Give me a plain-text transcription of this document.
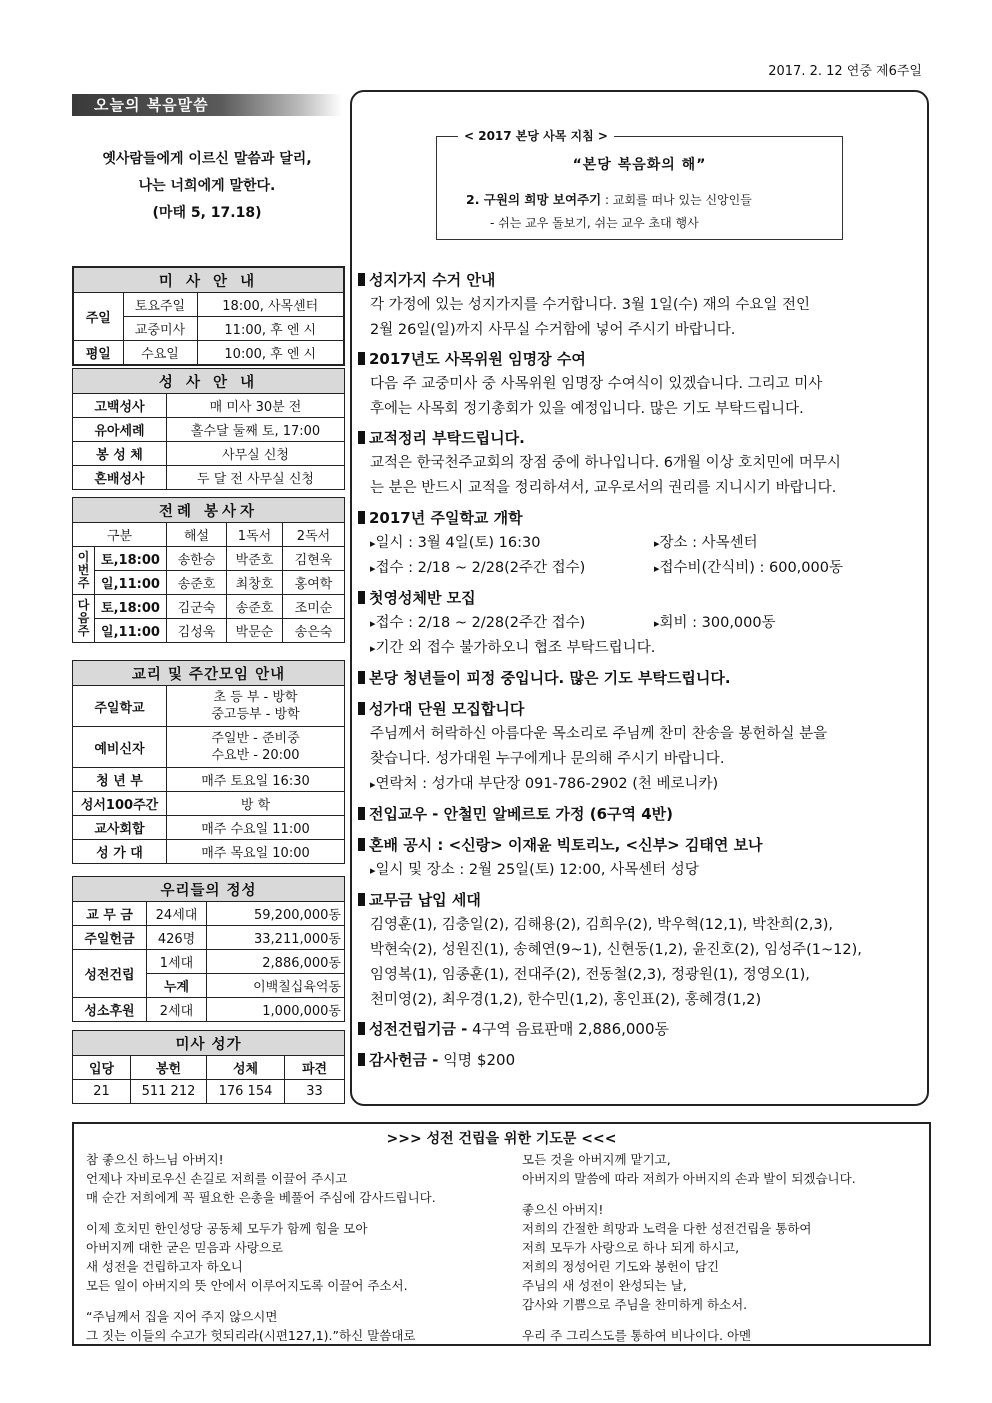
2017. 2. 12 연중 제6주일
오늘의 복음말씀
옛사람들에게 이르신 말씀과 달리,
나는 너희에게 말한다.
(마태 5, 17.18)
< 2017 본당 사목 지침 >
“본당 복음화의 해”
2. 구원의 희망 보여주기 : 교회를 떠나 있는 신앙인들
- 쉬는 교우 돌보기, 쉬는 교우 초대 행사
성지가지 수거 안내
각 가정에 있는 성지가지를 수거합니다. 3월 1일(수) 재의 수요일 전인
2월 26일(일)까지 사무실 수거함에 넣어 주시기 바랍니다.
2017년도 사목위원 임명장 수여
다음 주 교중미사 중 사목위원 임명장 수여식이 있겠습니다. 그리고 미사
후에는 사목회 정기총회가 있을 예정입니다. 많은 기도 부탁드립니다.
교적정리 부탁드립니다.
교적은 한국천주교회의 장점 중에 하나입니다. 6개월 이상 호치민에 머무시
는 분은 반드시 교적을 정리하셔서, 교우로서의 권리를 지니시기 바랍니다.
2017년 주일학교 개학
▸ 일시 : 3월 4일(토) 16:30	▸ 장소 : 사목센터
▸ 접수 : 2/18 ~ 2/28(2주간 접수)	▸ 접수비(간식비) : 600,000동
첫영성체반 모집
▸ 접수 : 2/18 ~ 2/28(2주간 접수)	▸ 회비 : 300,000동
▸ 기간 외 접수 불가하오니 협조 부탁드립니다.
본당 청년들이 피정 중입니다. 많은 기도 부탁드립니다.
성가대 단원 모집합니다
주님께서 허락하신 아름다운 목소리로 주님께 찬미 찬송을 봉헌하실 분을
찾습니다. 성가대원 누구에게나 문의해 주시기 바랍니다.
▸ 연락처 : 성가대 부단장 091-786-2902 (천 베로니카)
전입교우 - 안철민 알베르토 가정 (6구역 4반)
혼배 공시 : <신랑> 이재윤 빅토리노, <신부> 김태연 보나
▸ 일시 및 장소 : 2월 25일(토) 12:00, 사목센터 성당
교무금 납입 세대
김영훈(1), 김충일(2), 김해용(2), 김희우(2), 박우혁(12,1), 박찬희(2,3),
박현숙(2), 성원진(1), 송혜연(9~1), 신현동(1,2), 윤진호(2), 임성주(1~12),
임영복(1), 임종훈(1), 전대주(2), 전동철(2,3), 정광원(1), 정영오(1),
천미영(2), 최우경(1,2), 한수민(1,2), 홍인표(2), 홍혜경(1,2)
성전건립기금 - 4구역 음료판매 2,886,000동
감사헌금 - 익명 $200
미 사 안 내		
주일	토요주일	18:00, 사목센터
	교중미사	11:00, 후 엔 시
평일	수요일	10:00, 후 엔 시
성 사 안 내	
고백성사	매 미사 30분 전
유아세례	홀수달 둘째 토, 17:00
봉 성 체	사무실 신청
혼배성사	두 달 전 사무실 신청
전례 봉사자				
구분		해설	1독서	2독서
이번주	토,18:00	송한승	박준호	김현욱
	일,11:00	송준호	최창호	홍여학
다음주	토,18:00	김군숙	송준호	조미순
	일,11:00	김성욱	박문순	송은숙
교리 및 주간모임 안내	
주일학교	초 등 부 - 방학
중고등부 - 방학

예비신자	주일반 - 준비중
수요반 - 20:00

청 년 부	매주 토요일 16:30
성서100주간	방 학
교사회합	매주 수요일 11:00
성 가 대	매주 목요일 10:00
우리들의 정성		
교 무 금	24세대	59,200,000동
주일헌금	426명	33,211,000동
성전건립	1세대	2,886,000동
	누계	이백칠십육억동
성소후원	2세대	1,000,000동
미사 성가			
입당	봉헌	성체	파견
21	511 212	176 154	33
>>> 성전 건립을 위한 기도문 <<<
참 좋으신 하느님 아버지!
언제나 자비로우신 손길로 저희를 이끌어 주시고
매 순간 저희에게 꼭 필요한 은총을 베풀어 주심에 감사드립니다.
이제 호치민 한인성당 공동체 모두가 함께 힘을 모아
아버지께 대한 굳은 믿음과 사랑으로
새 성전을 건립하고자 하오니
모든 일이 아버지의 뜻 안에서 이루어지도록 이끌어 주소서.
“주님께서 집을 지어 주지 않으시면
그 짓는 이들의 수고가 헛되리라(시편127,1).”하신 말씀대로
모든 것을 아버지께 맡기고,
아버지의 말씀에 따라 저희가 아버지의 손과 발이 되겠습니다.
좋으신 아버지!
저희의 간절한 희망과 노력을 다한 성전건립을 통하여
저희 모두가 사랑으로 하나 되게 하시고,
저희의 정성어린 기도와 봉헌이 담긴
주님의 새 성전이 완성되는 날,
감사와 기쁨으로 주님을 찬미하게 하소서.
우리 주 그리스도를 통하여 비나이다. 아멘
